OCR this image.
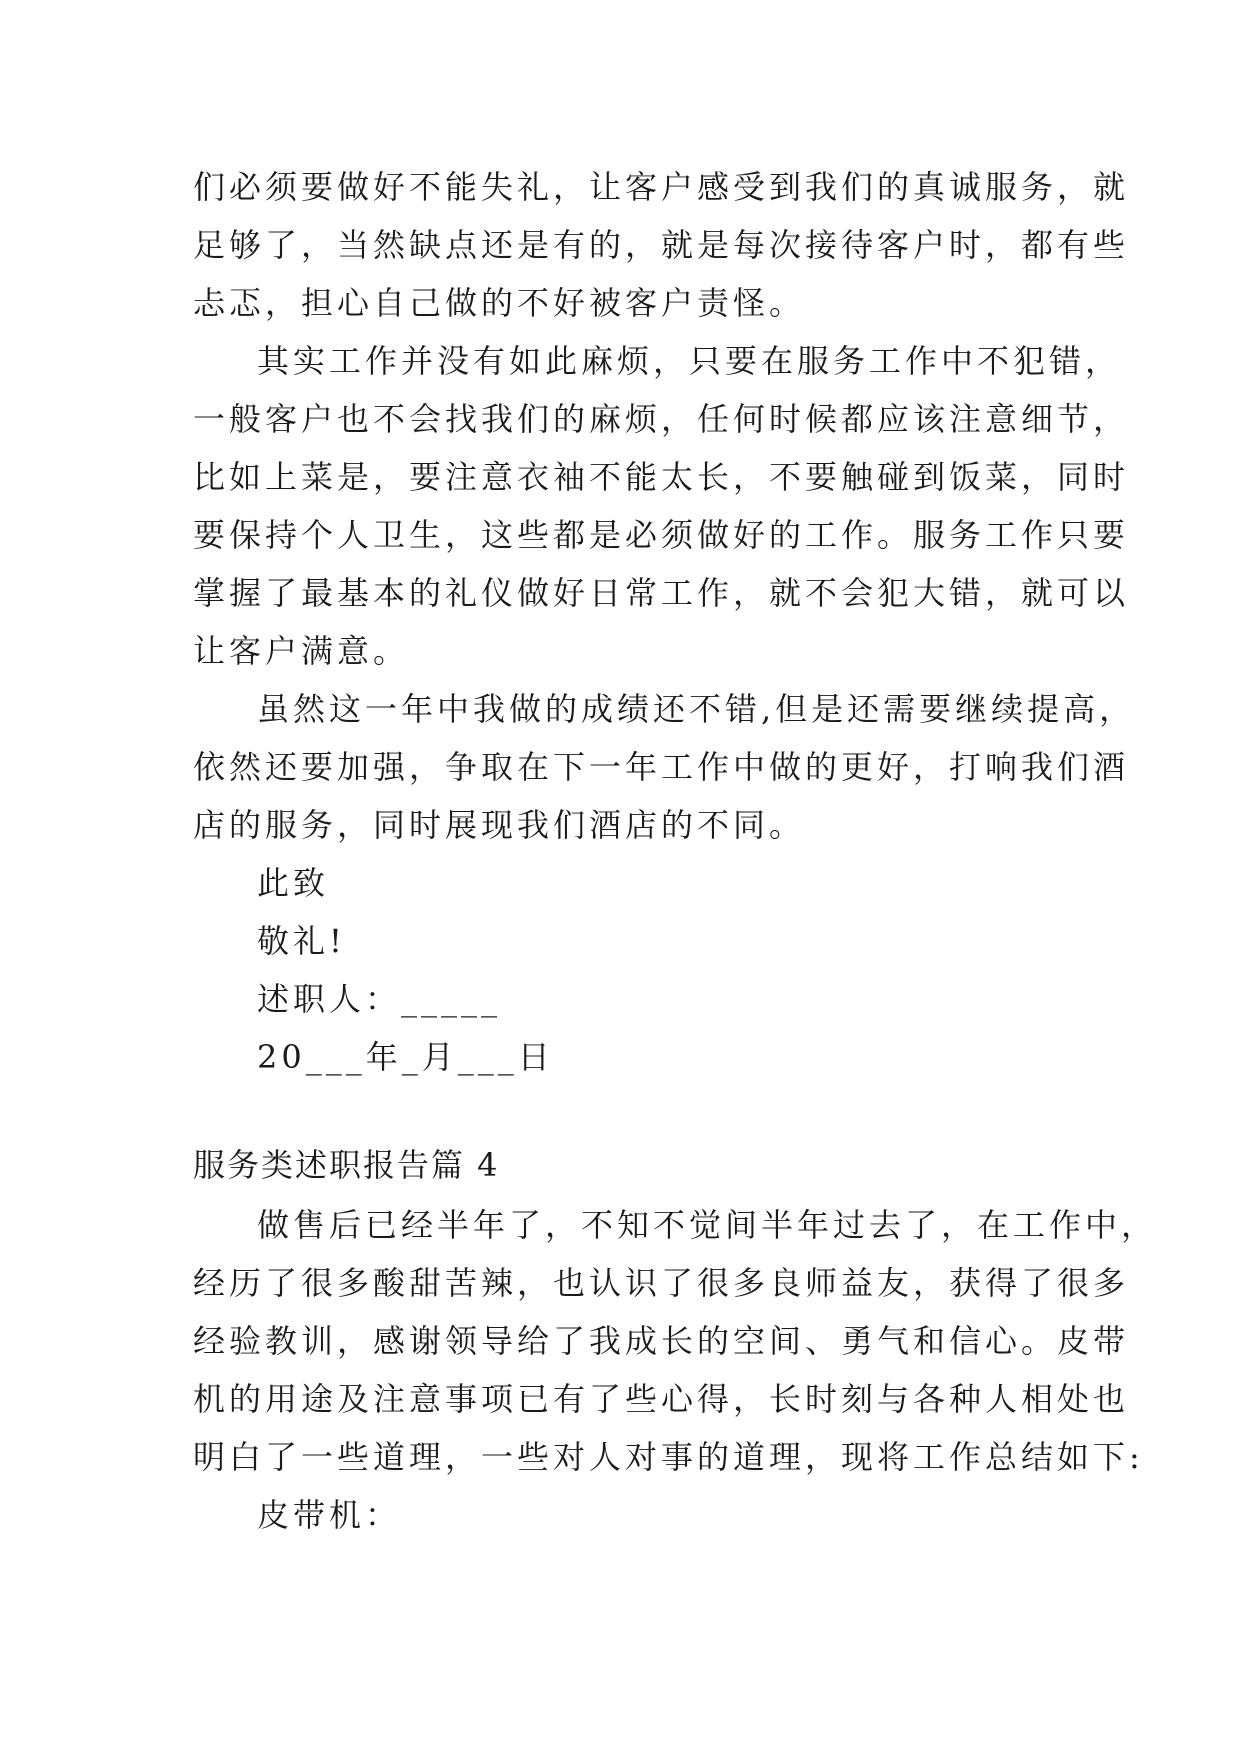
们必须要做好不能失礼，让客户感受到我们的真诚服务，就
足够了，当然缺点还是有的，就是每次接待客户时，都有些
忐忑，担心自己做的不好被客户责怪。
其实工作并没有如此麻烦，只要在服务工作中不犯错，
一般客户也不会找我们的麻烦，任何时候都应该注意细节，
比如上菜是，要注意衣袖不能太长，不要触碰到饭菜，同时
要保持个人卫生，这些都是必须做好的工作。服务工作只要
掌握了最基本的礼仪做好日常工作，就不会犯大错，就可以
让客户满意。
虽然这一年中我做的成绩还不错,但是还需要继续提高，
依然还要加强，争取在下一年工作中做的更好，打响我们酒
店的服务，同时展现我们酒店的不同。
此致
敬礼!
述职人：_____
20___年_月___日
服务类述职报告篇 4
做售后已经半年了，不知不觉间半年过去了，在工作中，
经历了很多酸甜苦辣，也认识了很多良师益友，获得了很多
经验教训，感谢领导给了我成长的空间、勇气和信心。皮带
机的用途及注意事项已有了些心得，长时刻与各种人相处也
明白了一些道理，一些对人对事的道理，现将工作总结如下:
皮带机：
